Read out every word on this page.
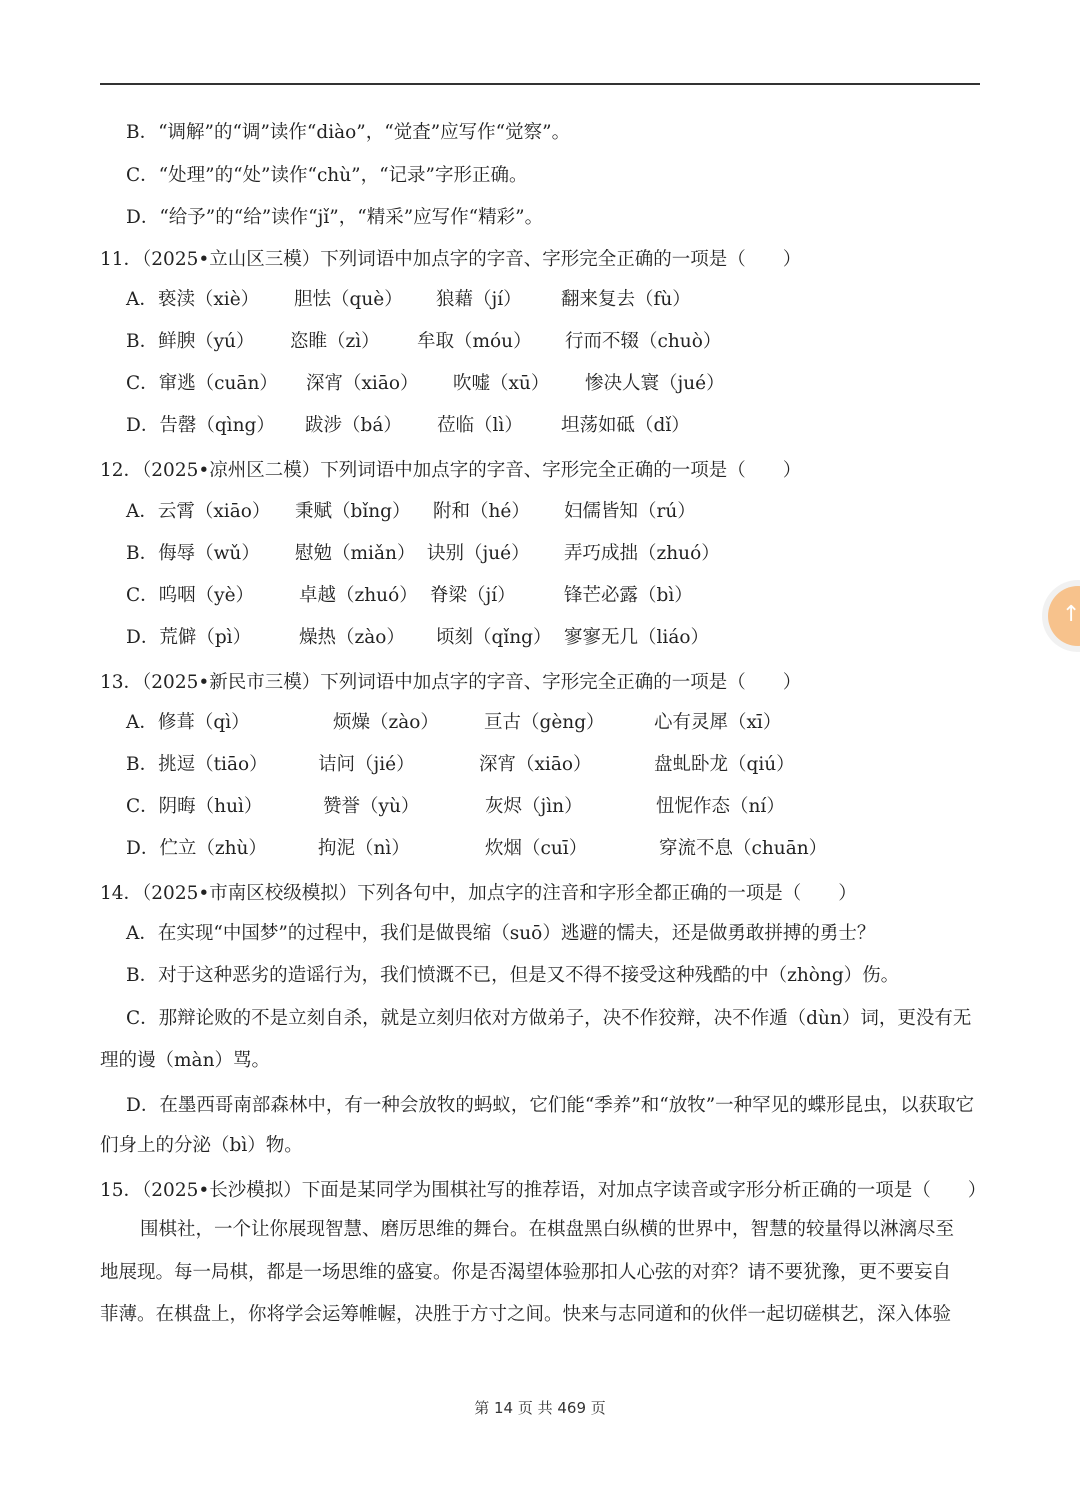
B．“调解”的“调”读作“diào”，“觉査”应写作“觉察”。
C．“处理”的“处”读作“chù”，“记录”字形正确。
D．“给予”的“给”读作“jǐ”，“精采”应写作“精彩”。
11．（2025•立山区三模）下列词语中加点字的字音、字形完全正确的一项是（　　）
A．亵渎（xiè） 胆怯（què） 狼藉（jí） 翻来复去（fù）
B．鲜腴（yú） 恣睢（zì） 牟取（móu） 行而不辍（chuò）
C．窜逃（cuān） 深宵（xiāo） 吹嘘（xū） 惨决人寰（jué）
D．告罄（qìng） 跋涉（bá） 莅临（lì） 坦荡如砥（dǐ）
12．（2025•凉州区二模）下列词语中加点字的字音、字形完全正确的一项是（　　）
A．云霄（xiāo） 秉赋（bǐng） 附和（hé） 妇儒皆知（rú）
B．侮辱（wǔ） 慰勉（miǎn） 诀别（jué） 弄巧成拙（zhuó）
C．呜咽（yè） 卓越（zhuó） 脊梁（jí）	锋芒必露（bì）
D．荒僻（pì）	燥热（zào） 顷刻（qǐng） 寥寥无几（liáo）
13．（2025•新民市三模）下列词语中加点字的字音、字形完全正确的一项是（　　）
A．修葺（qì）	烦燥（zào） 亘古（gèng）	心有灵犀（xī）
B．挑逗（tiāo）	诘问（jié）	深宵（xiāo）	盘虬卧龙（qiú）
C．阴晦（huì）	赞誉（yù）	灰烬（jìn）	忸怩作态（ní）
D．伫立（zhù）	拘泥（nì）	炊烟（cuī）	穿流不息（chuān）
14．（2025•市南区校级模拟）下列各句中，加点字的注音和字形全都正确的一项是（　　）
A．在实现“中国梦”的过程中，我们是做畏缩（suō）逃避的懦夫，还是做勇敢拼搏的勇士？
B．对于这种恶劣的造谣行为，我们愤溉不已，但是又不得不接受这种残酷的中（zhòng）伤。
C．那辩论败的不是立刻自杀，就是立刻归依对方做弟子，决不作狡辩，决不作遁（dùn）词，更没有无
理的谩（màn）骂。
D．在墨西哥南部森林中，有一种会放牧的蚂蚁，它们能“季养”和“放牧”一种罕见的蝶形昆虫，以获取它
们身上的分泌（bì）物。
15．（2025•长沙模拟）下面是某同学为围棋社写的推荐语，对加点字读音或字形分析正确的一项是（　　）
围棋社，一个让你展现智慧、磨厉思维的舞台。在棋盘黑白纵横的世界中，智慧的较量得以淋漓尽至
地展现。每一局棋，都是一场思维的盛宴。你是否渴望体验那扣人心弦的对弈？请不要犹豫，更不要妄自
菲薄。在棋盘上，你将学会运筹帷幄，决胜于方寸之间。快来与志同道和的伙伴一起切磋棋艺，深入体验
第 14 页 共 469 页
↑
